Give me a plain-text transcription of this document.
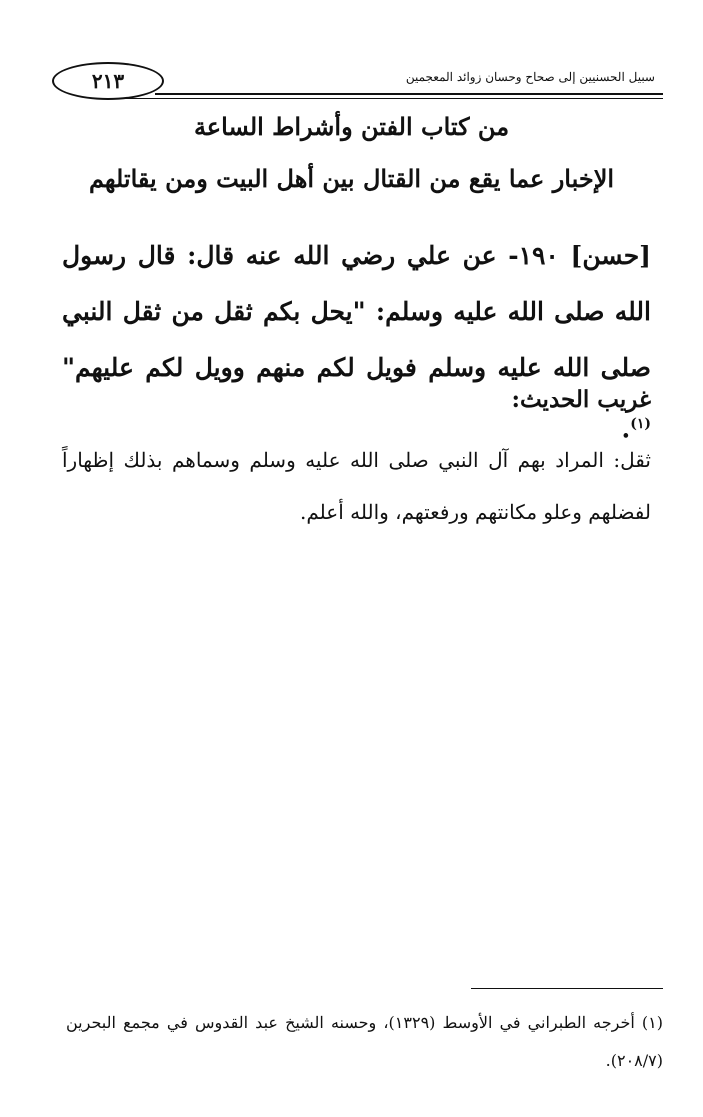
٢١٣	سبيل الحسنيين إلى صحاح وحسان زوائد المعجمين
من كتاب الفتن وأشراط الساعة
الإخبار عما يقع من القتال بين أهل البيت ومن يقاتلهم
[حسن] ١٩٠- عن علي رضي الله عنه قال: قال رسول الله صلى الله عليه وسلم: "يحل بكم ثقل من ثقل النبي صلى الله عليه وسلم فويل لكم منهم وويل لكم عليهم"$^{(١)}$.
غريب الحديث:
ثقل: المراد بهم آل النبي صلى الله عليه وسلم وسماهم بذلك إظهاراً لفضلهم وعلو مكانتهم ورفعتهم، والله أعلم.
(١) أخرجه الطبراني في الأوسط (١٣٢٩)، وحسنه الشيخ عبد القدوس في مجمع البحرين (٢٠٨/٧).
